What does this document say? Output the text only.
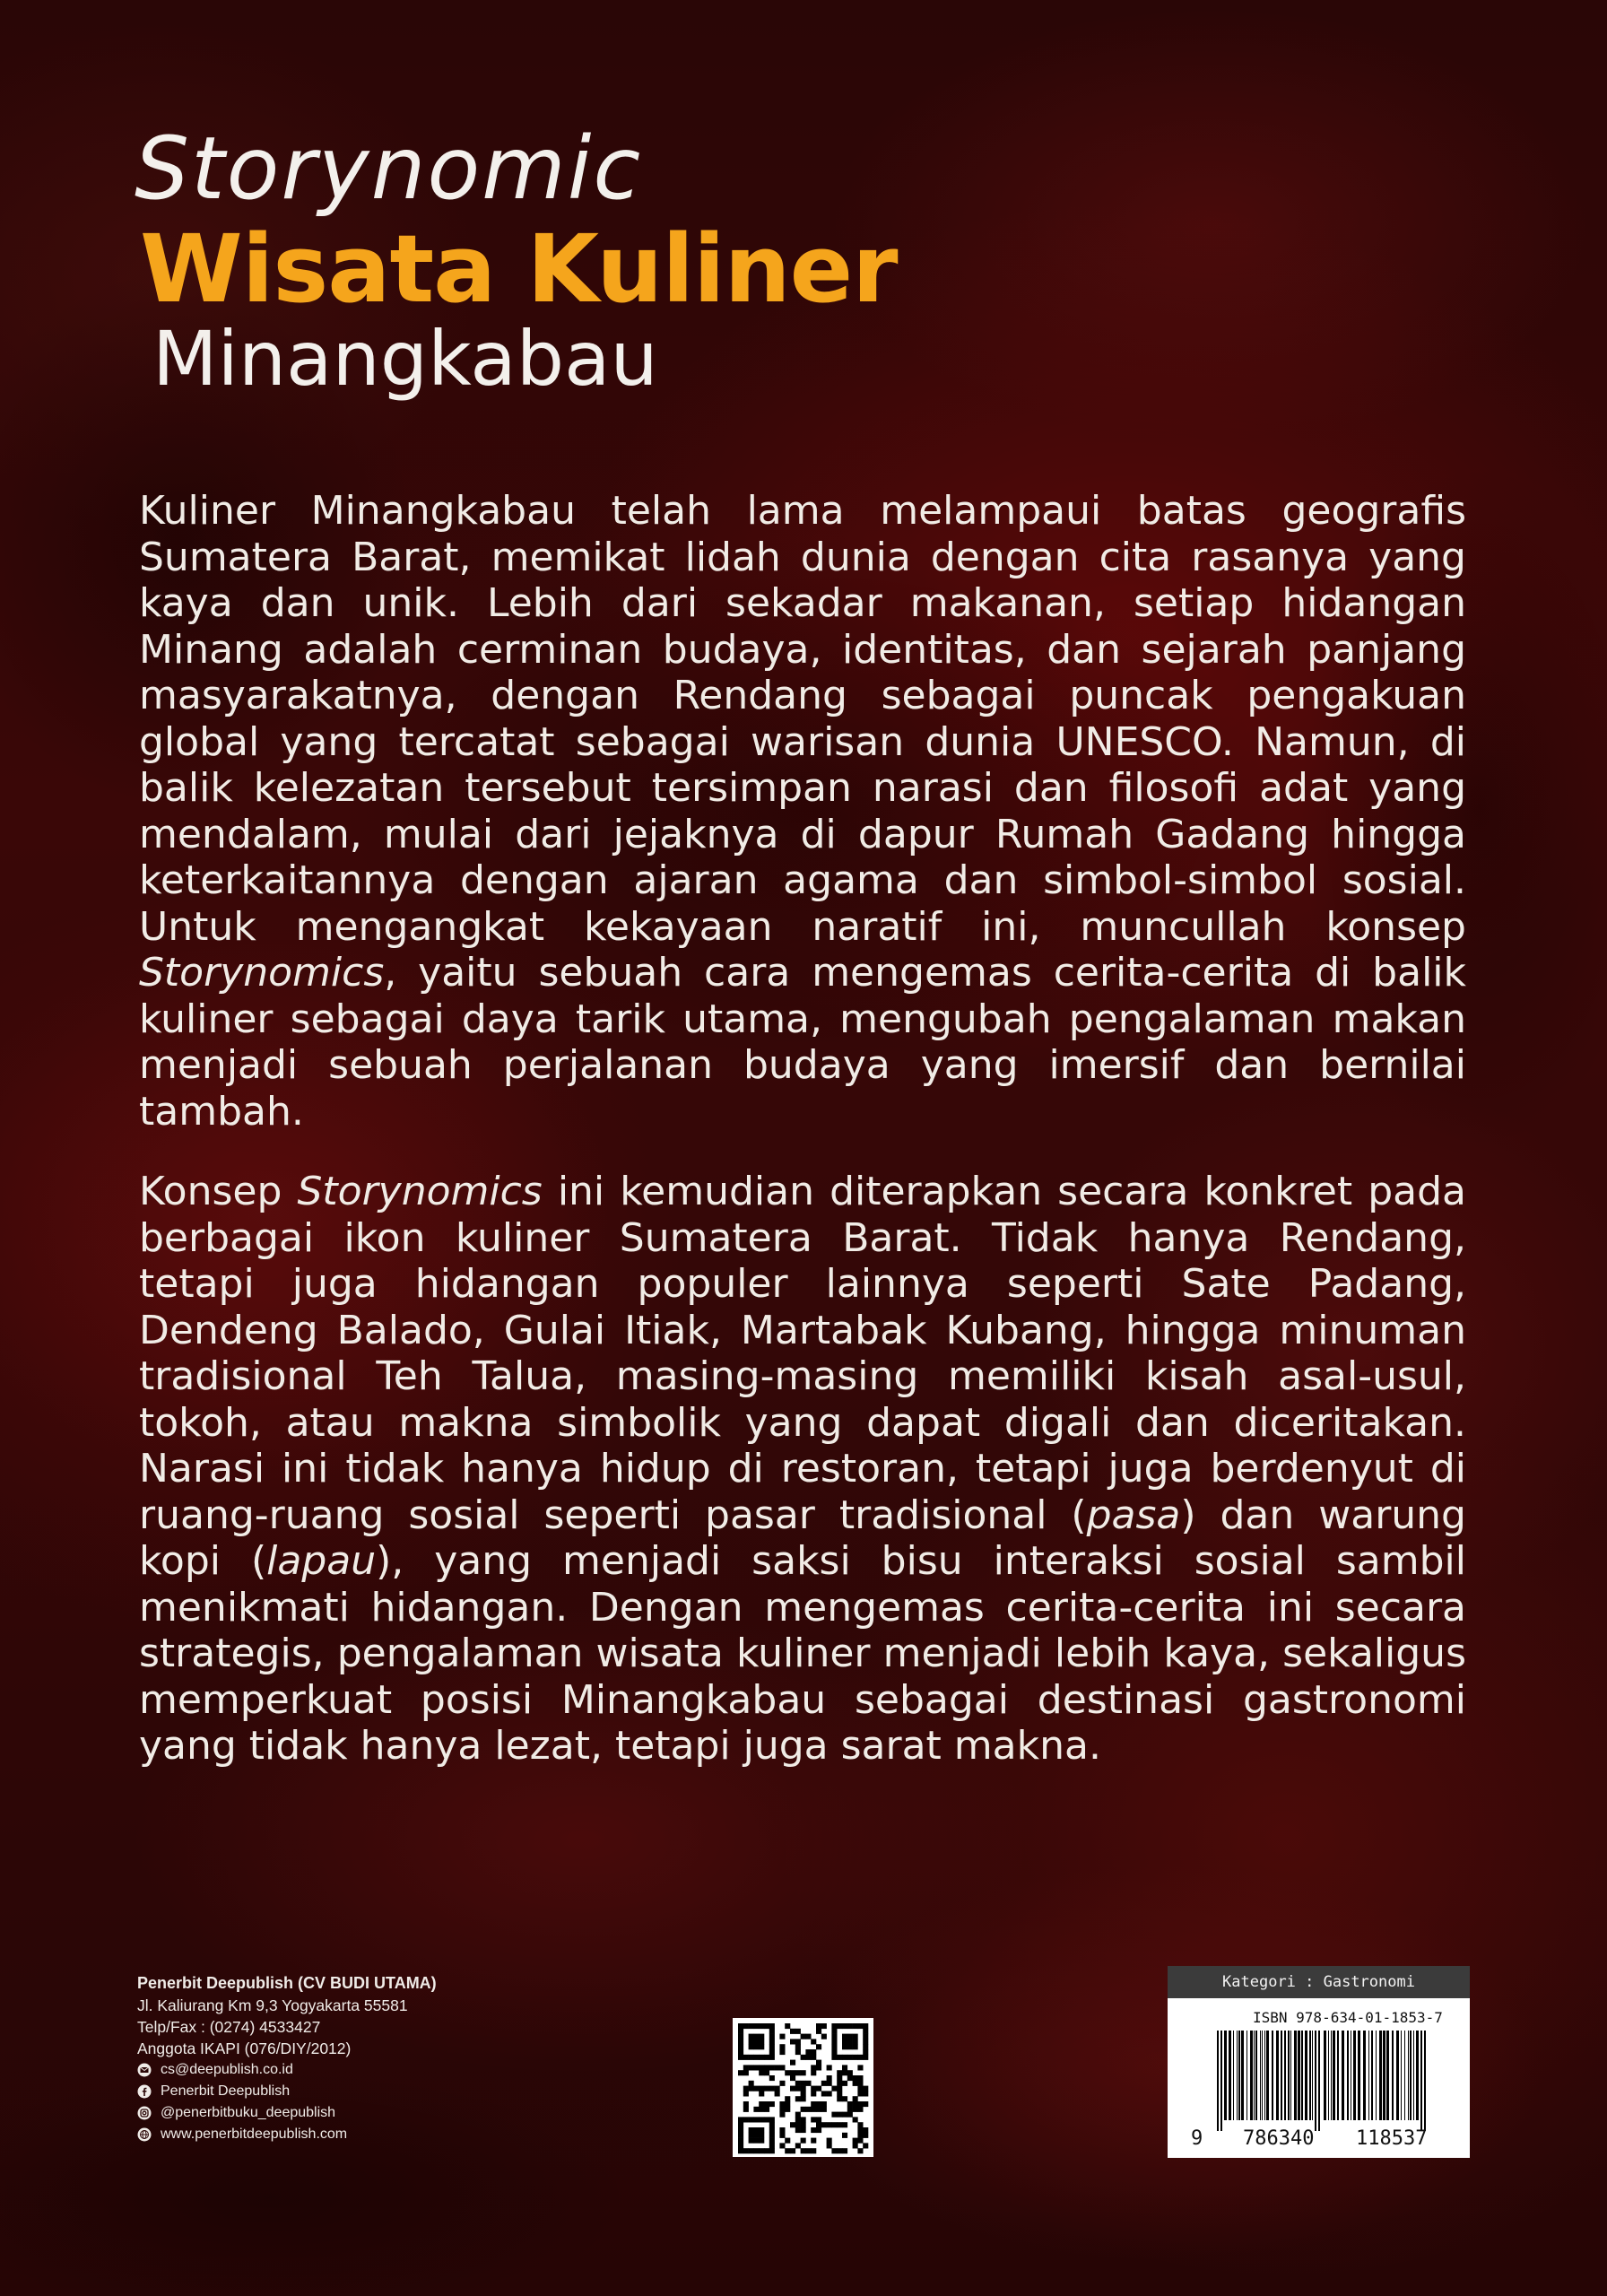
Storynomic
Wisata Kuliner
Minangkabau

Kuliner Minangkabau telah lama melampaui batas geografis Sumatera Barat, memikat lidah dunia dengan cita rasanya yang kaya dan unik. Lebih dari sekadar makanan, setiap hidangan Minang adalah cerminan budaya, identitas, dan sejarah panjang masyarakatnya, dengan Rendang sebagai puncak pengakuan global yang tercatat sebagai warisan dunia UNESCO. Namun, di balik kelezatan tersebut tersimpan narasi dan filosofi adat yang mendalam, mulai dari jejaknya di dapur Rumah Gadang hingga keterkaitannya dengan ajaran agama dan simbol-simbol sosial. Untuk mengangkat kekayaan naratif ini, muncullah konsep Storynomics, yaitu sebuah cara mengemas cerita-cerita di balik kuliner sebagai daya tarik utama, mengubah pengalaman makan menjadi sebuah perjalanan budaya yang imersif dan bernilai tambah.

Konsep Storynomics ini kemudian diterapkan secara konkret pada berbagai ikon kuliner Sumatera Barat. Tidak hanya Rendang, tetapi juga hidangan populer lainnya seperti Sate Padang, Dendeng Balado, Gulai Itiak, Martabak Kubang, hingga minuman tradisional Teh Talua, masing-masing memiliki kisah asal-usul, tokoh, atau makna simbolik yang dapat digali dan diceritakan. Narasi ini tidak hanya hidup di restoran, tetapi juga berdenyut di ruang-ruang sosial seperti pasar tradisional (pasa) dan warung kopi (lapau), yang menjadi saksi bisu interaksi sosial sambil menikmati hidangan. Dengan mengemas cerita-cerita ini secara strategis, pengalaman wisata kuliner menjadi lebih kaya, sekaligus memperkuat posisi Minangkabau sebagai destinasi gastronomi yang tidak hanya lezat, tetapi juga sarat makna.

Penerbit Deepublish (CV BUDI UTAMA)
Jl. Kaliurang Km 9,3 Yogyakarta 55581
Telp/Fax : (0274) 4533427
Anggota IKAPI (076/DIY/2012)
cs@deepublish.co.id
Penerbit Deepublish
@penerbitbuku_deepublish
www.penerbitdeepublish.com
Kategori : Gastronomi
ISBN 978-634-01-1853-7
9 786340 118537
